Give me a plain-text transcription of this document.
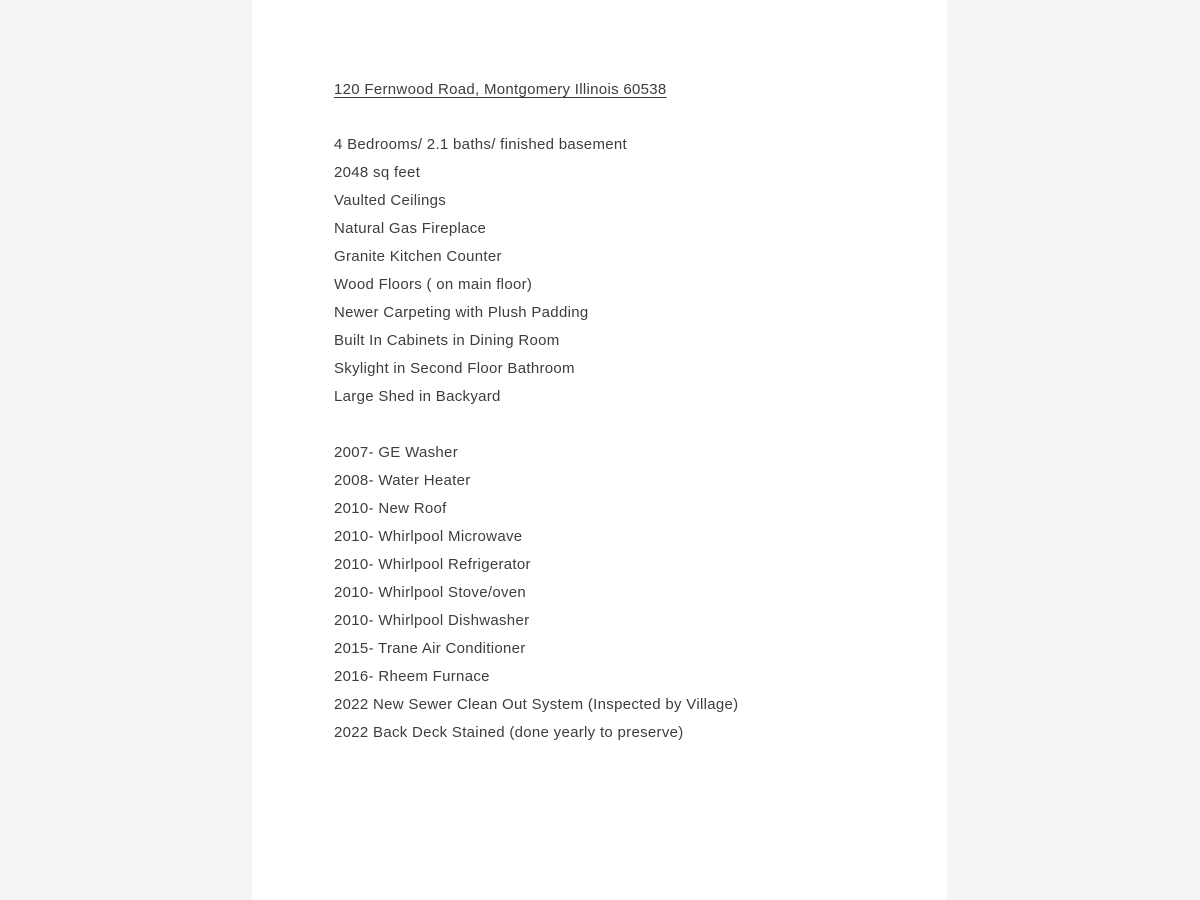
120 Fernwood Road, Montgomery Illinois 60538

4 Bedrooms/ 2.1 baths/ finished basement

2048 sq feet

Vaulted Ceilings

Natural Gas Fireplace

Granite Kitchen Counter

Wood Floors ( on main floor)

Newer Carpeting with Plush Padding

Built In Cabinets in Dining Room

Skylight in Second Floor Bathroom

Large Shed in Backyard

2007- GE Washer

2008- Water Heater

2010- New Roof

2010- Whirlpool Microwave

2010- Whirlpool Refrigerator

2010- Whirlpool Stove/oven

2010- Whirlpool Dishwasher

2015- Trane Air Conditioner

2016- Rheem Furnace

2022 New Sewer Clean Out System (Inspected by Village)

2022 Back Deck Stained (done yearly to preserve)
